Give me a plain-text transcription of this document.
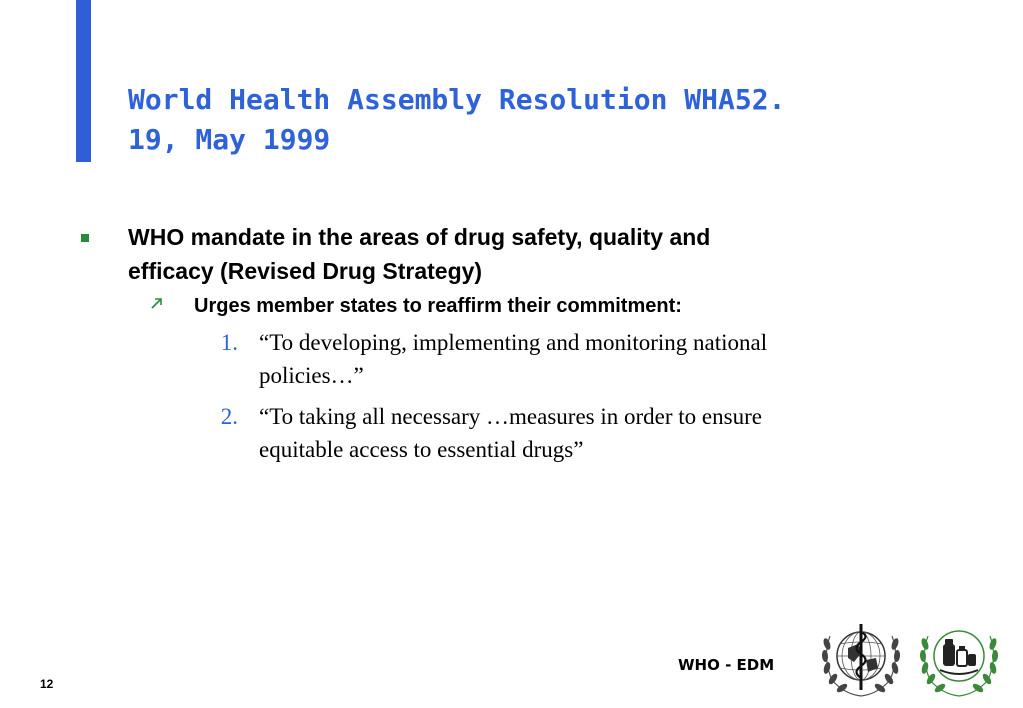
World Health Assembly Resolution WHA52.
19, May 1999
WHO mandate in the areas of drug safety, quality and
efficacy (Revised Drug Strategy)
Urges member states to reaffirm their commitment:
1. “To developing, implementing and monitoring national
policies…”
2. “To taking all necessary …measures in order to ensure
equitable access to essential drugs”
WHO - EDM
12
